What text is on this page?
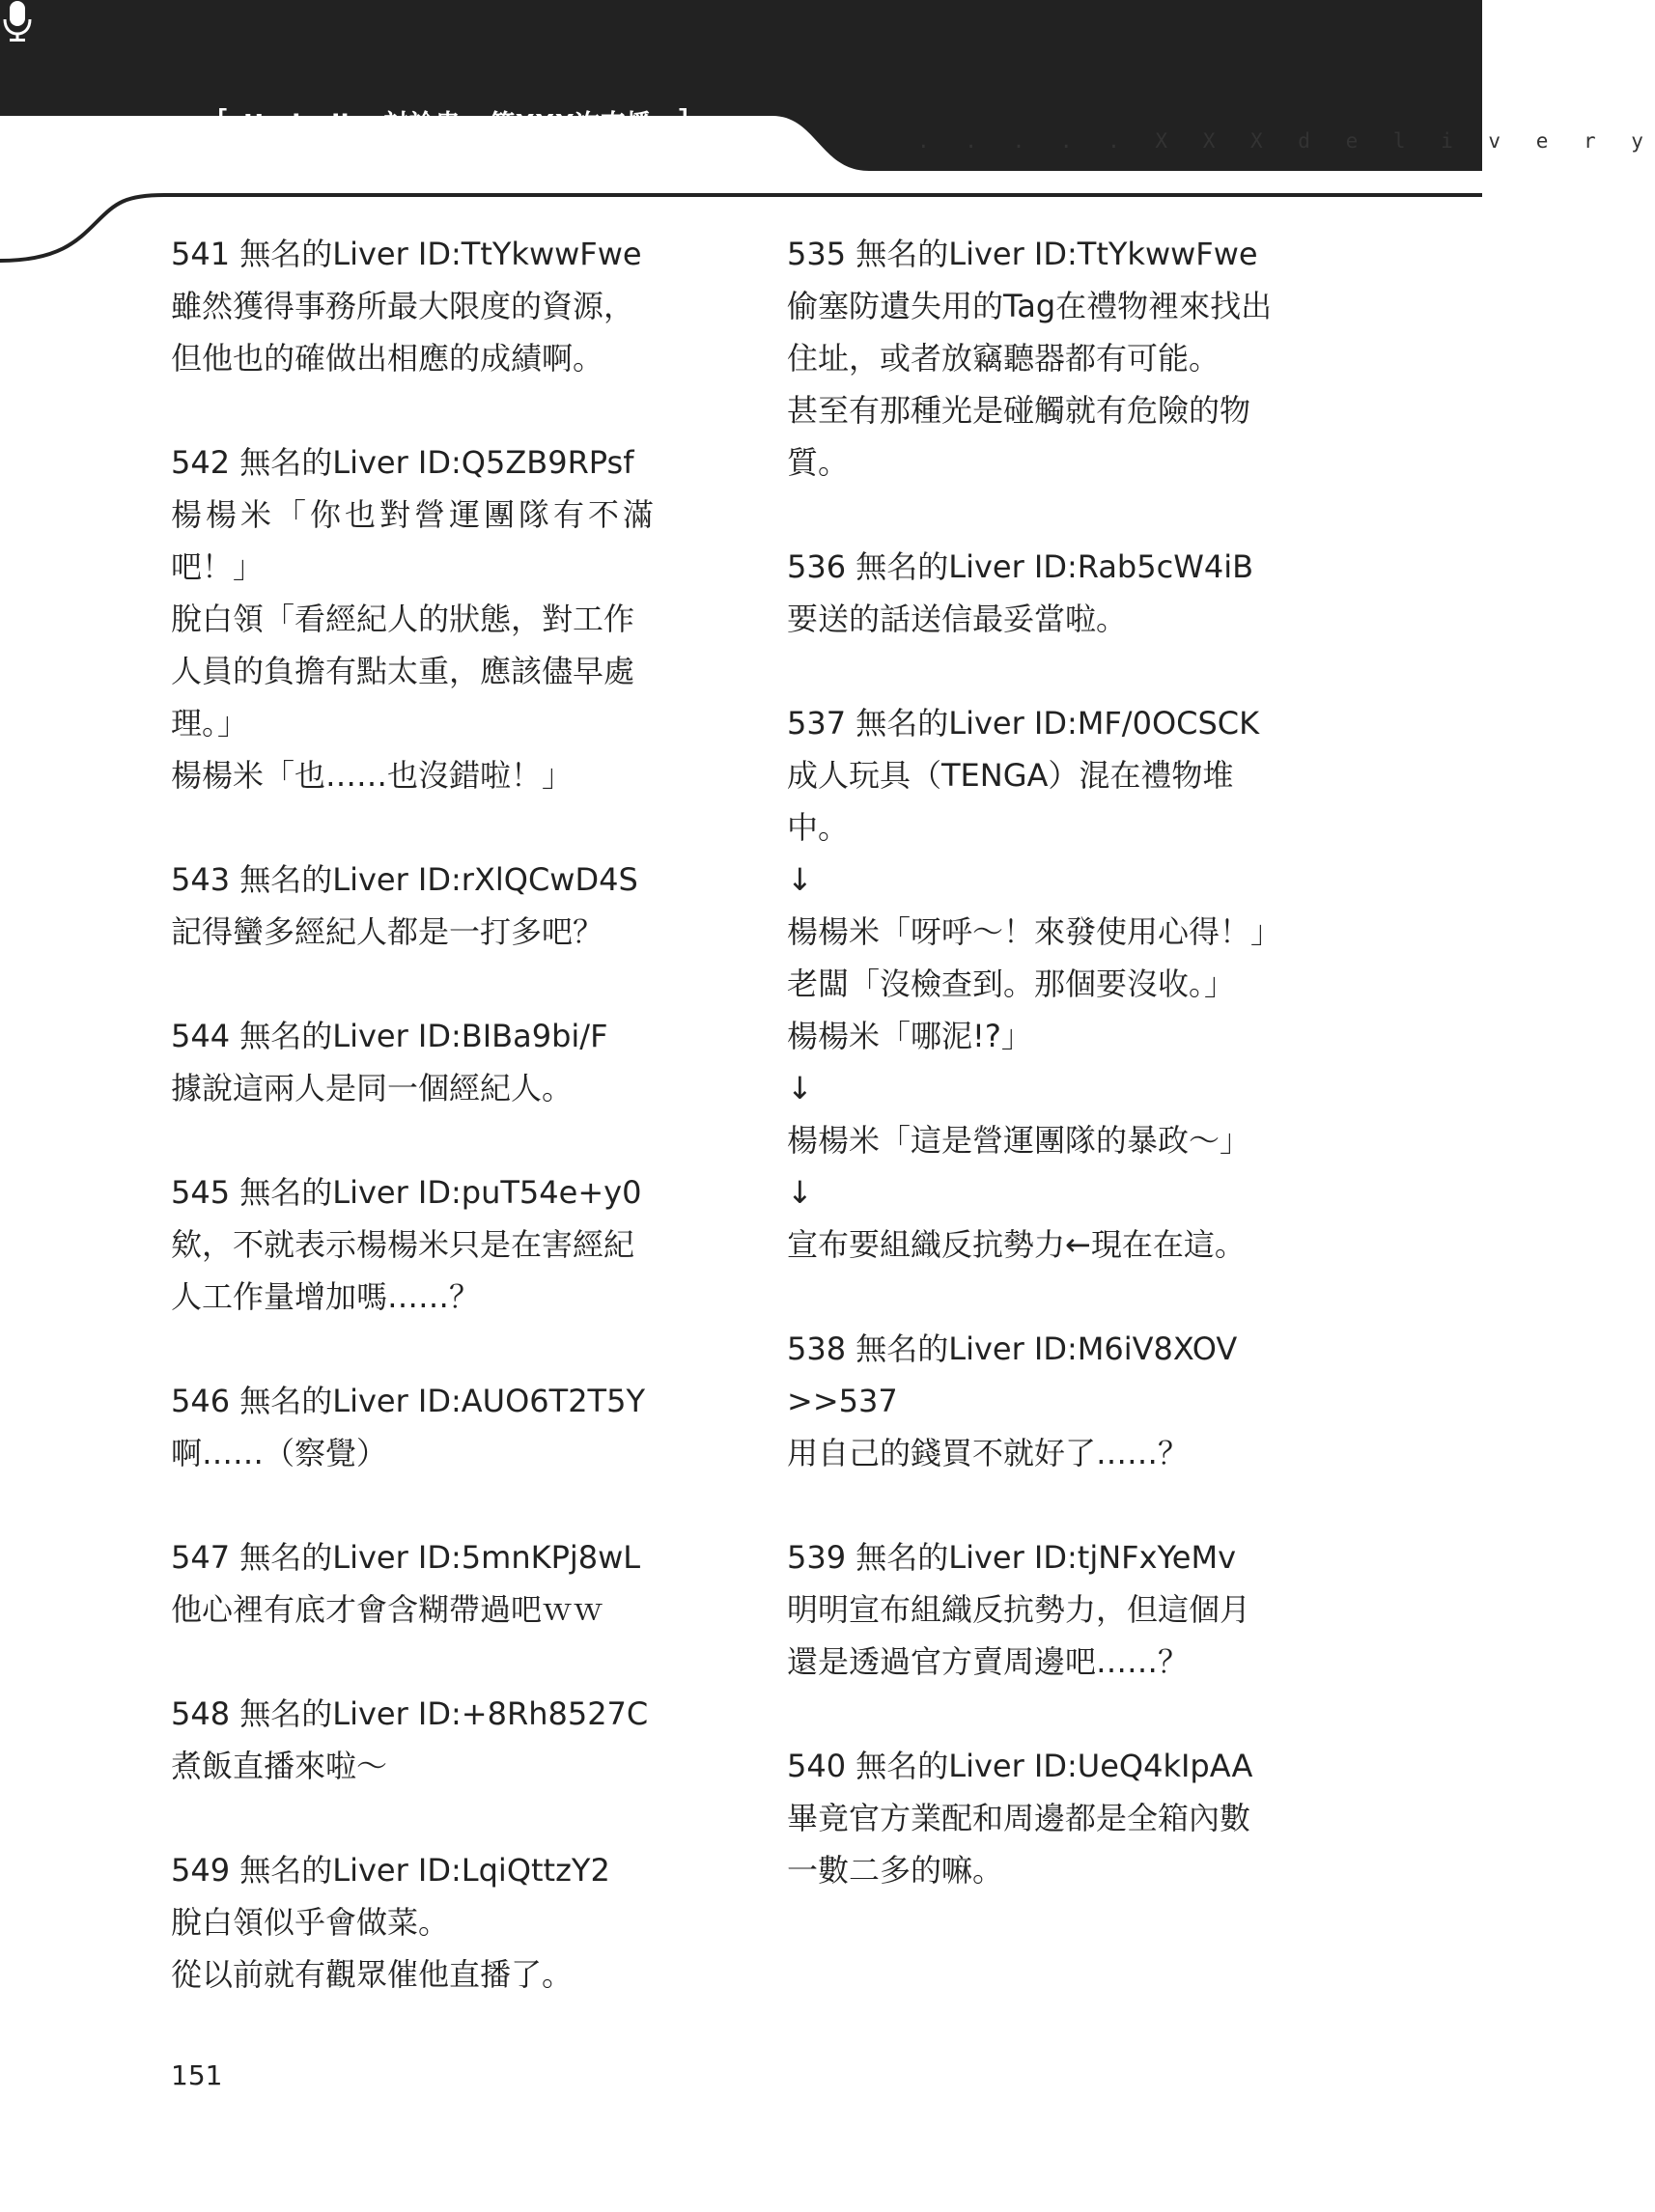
[ Underlive討論串 第XXX次直播 ]	. . . . . X X X d e l i v e r y
541 無名的Liver ID:TtYkwwFwe
雖然獲得事務所最大限度的資源，
但他也的確做出相應的成績啊。
542 無名的Liver ID:Q5ZB9RPsf
楊楊米「你也對營運團隊有不滿
吧！」
脫白領「看經紀人的狀態，對工作
人員的負擔有點太重，應該儘早處
理。」
楊楊米「也……也沒錯啦！」
543 無名的Liver ID:rXlQCwD4S
記得蠻多經紀人都是一打多吧？
544 無名的Liver ID:BIBa9bi/F
據說這兩人是同一個經紀人。
545 無名的Liver ID:puT54e+y0
欸，不就表示楊楊米只是在害經紀
人工作量增加嗎……？
546 無名的Liver ID:AUO6T2T5Y
啊……（察覺）
547 無名的Liver ID:5mnKPj8wL
他心裡有底才會含糊帶過吧ｗｗ
548 無名的Liver ID:+8Rh8527C
煮飯直播來啦～
549 無名的Liver ID:LqiQttzY2
脫白領似乎會做菜。
從以前就有觀眾催他直播了。
535 無名的Liver ID:TtYkwwFwe
偷塞防遺失用的Tag在禮物裡來找出
住址，或者放竊聽器都有可能。
甚至有那種光是碰觸就有危險的物
質。
536 無名的Liver ID:Rab5cW4iB
要送的話送信最妥當啦。
537 無名的Liver ID:MF/0OCSCK
成人玩具（TENGA）混在禮物堆
中。
↓
楊楊米「呀呼～！來發使用心得！」
老闆「沒檢查到。那個要沒收。」
楊楊米「哪泥!?」
↓
楊楊米「這是營運團隊的暴政～」
↓
宣布要組織反抗勢力←現在在這。
538 無名的Liver ID:M6iV8XOV
>>537
用自己的錢買不就好了……？
539 無名的Liver ID:tjNFxYeMv
明明宣布組織反抗勢力，但這個月
還是透過官方賣周邊吧……？
540 無名的Liver ID:UeQ4kIpAA
畢竟官方業配和周邊都是全箱內數
一數二多的嘛。
151
